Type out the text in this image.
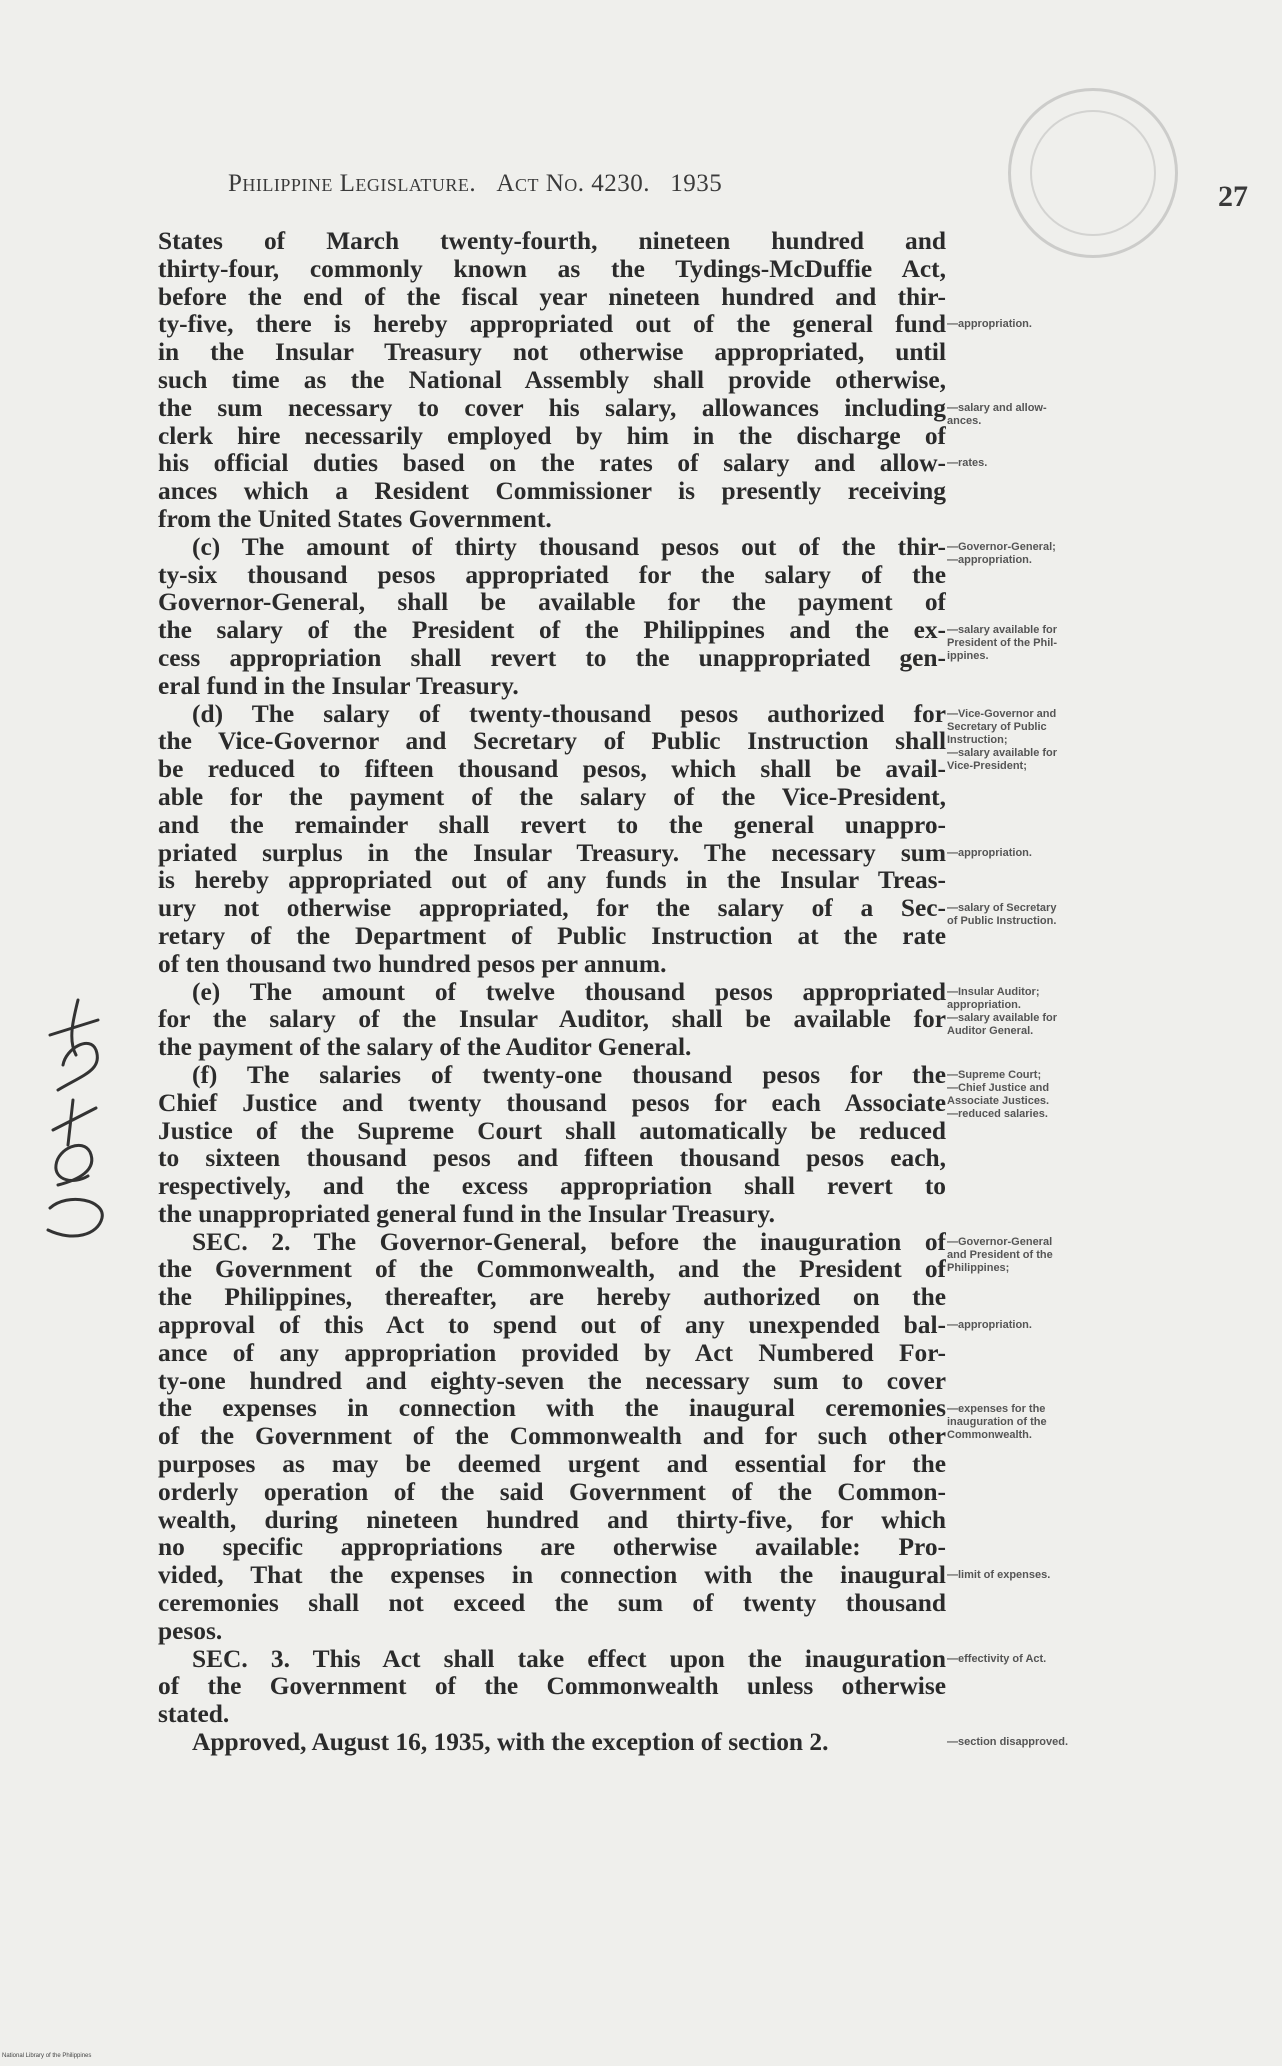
Philippine Legislature. Act No. 4230. 1935	27
States of March twenty-fourth, nineteen hundred and
thirty-four, commonly known as the Tydings-McDuffie Act,
before the end of the fiscal year nineteen hundred and thir-
ty-five, there is hereby appropriated out of the general fund
in the Insular Treasury not otherwise appropriated, until
such time as the National Assembly shall provide otherwise,
the sum necessary to cover his salary, allowances including
clerk hire necessarily employed by him in the discharge of
his official duties based on the rates of salary and allow-
ances which a Resident Commissioner is presently receiving
from the United States Government.
(c) The amount of thirty thousand pesos out of the thir-
ty-six thousand pesos appropriated for the salary of the
Governor-General, shall be available for the payment of
the salary of the President of the Philippines and the ex-
cess appropriation shall revert to the unappropriated gen-
eral fund in the Insular Treasury.
(d) The salary of twenty-thousand pesos authorized for
the Vice-Governor and Secretary of Public Instruction shall
be reduced to fifteen thousand pesos, which shall be avail-
able for the payment of the salary of the Vice-President,
and the remainder shall revert to the general unappro-
priated surplus in the Insular Treasury. The necessary sum
is hereby appropriated out of any funds in the Insular Treas-
ury not otherwise appropriated, for the salary of a Sec-
retary of the Department of Public Instruction at the rate
of ten thousand two hundred pesos per annum.
(e) The amount of twelve thousand pesos appropriated
for the salary of the Insular Auditor, shall be available for
the payment of the salary of the Auditor General.
(f) The salaries of twenty-one thousand pesos for the
Chief Justice and twenty thousand pesos for each Associate
Justice of the Supreme Court shall automatically be reduced
to sixteen thousand pesos and fifteen thousand pesos each,
respectively, and the excess appropriation shall revert to
the unappropriated general fund in the Insular Treasury.
SEC. 2. The Governor-General, before the inauguration of
the Government of the Commonwealth, and the President of
the Philippines, thereafter, are hereby authorized on the
approval of this Act to spend out of any unexpended bal-
ance of any appropriation provided by Act Numbered For-
ty-one hundred and eighty-seven the necessary sum to cover
the expenses in connection with the inaugural ceremonies
of the Government of the Commonwealth and for such other
purposes as may be deemed urgent and essential for the
orderly operation of the said Government of the Common-
wealth, during nineteen hundred and thirty-five, for which
no specific appropriations are otherwise available: Pro-
vided, That the expenses in connection with the inaugural
ceremonies shall not exceed the sum of twenty thousand
pesos.
SEC. 3. This Act shall take effect upon the inauguration
of the Government of the Commonwealth unless otherwise
stated.
Approved, August 16, 1935, with the exception of section 2.
—appropriation.
—salary and allow-
ances.
—rates.
—Governor-General;
—appropriation.
—salary available for
President of the Phil-
ippines.
—Vice-Governor and
Secretary of Public
Instruction;
—salary available for
Vice-President;
—appropriation.
—salary of Secretary
of Public Instruction.
—Insular Auditor;
appropriation.
—salary available for
Auditor General.
—Supreme Court;
—Chief Justice and
Associate Justices.
—reduced salaries.
—Governor-General
and President of the
Philippines;
—appropriation.
—expenses for the
inauguration of the
Commonwealth.
—limit of expenses.
—effectivity of Act.
—section disapproved.
National Library of the Philippines
